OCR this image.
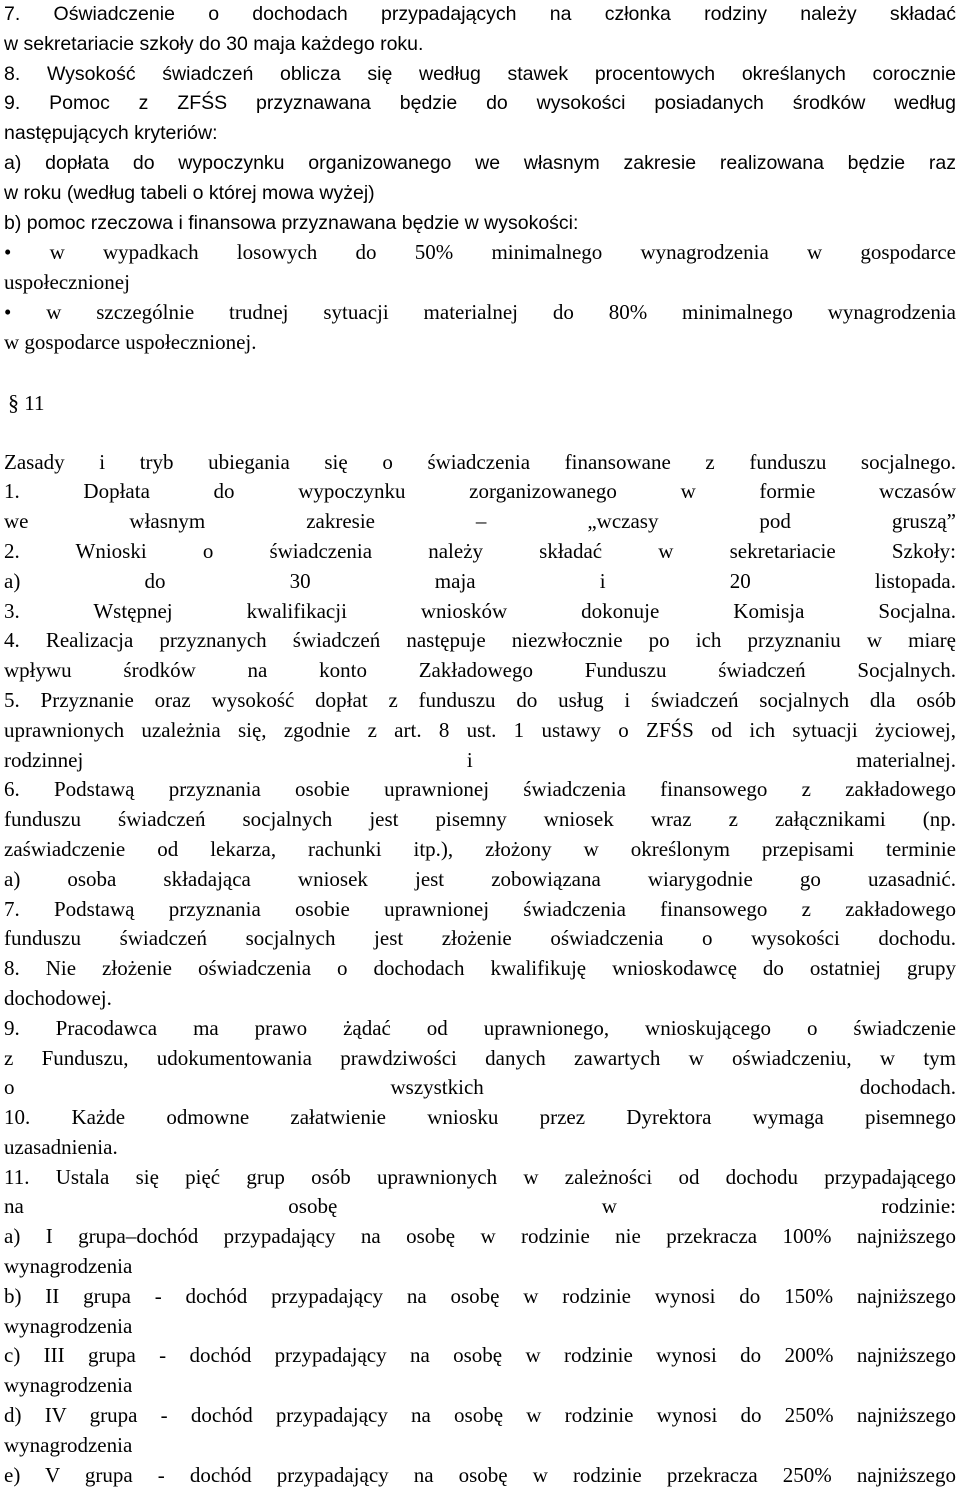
7. Oświadczenie o dochodach przypadających na członka rodziny należy składać
w sekretariacie szkoły do 30 maja każdego roku.
8. Wysokość świadczeń oblicza się według stawek procentowych określanych corocznie
9. Pomoc z ZFŚS przyznawana będzie do wysokości posiadanych środków według
następujących kryteriów:
a) dopłata do wypoczynku organizowanego we własnym zakresie realizowana będzie raz
w roku (według tabeli o której mowa wyżej)
b) pomoc rzeczowa i finansowa przyznawana będzie w wysokości:
• w wypadkach losowych do 50% minimalnego wynagrodzenia w gospodarce
uspołecznionej
• w szczególnie trudnej sytuacji materialnej do 80% minimalnego wynagrodzenia
w gospodarce uspołecznionej.
§ 11
Zasady i tryb ubiegania się o świadczenia finansowane z funduszu socjalnego.
1. Dopłata do wypoczynku zorganizowanego w formie wczasów
we własnym zakresie – „wczasy pod gruszą”
2. Wnioski o świadczenia należy składać w sekretariacie Szkoły:
a) do 30 maja i 20 listopada.
3. Wstępnej kwalifikacji wniosków dokonuje Komisja Socjalna.
4. Realizacja przyznanych świadczeń następuje niezwłocznie po ich przyznaniu w miarę
wpływu środków na konto Zakładowego Funduszu świadczeń Socjalnych.
5. Przyznanie oraz wysokość dopłat z funduszu do usług i świadczeń socjalnych dla osób
uprawnionych uzależnia się, zgodnie z art. 8 ust. 1 ustawy o ZFŚS od ich sytuacji życiowej,
rodzinnej i materialnej.
6. Podstawą przyznania osobie uprawnionej świadczenia finansowego z zakładowego
funduszu świadczeń socjalnych jest pisemny wniosek wraz z załącznikami (np.
zaświadczenie od lekarza, rachunki itp.), złożony w określonym przepisami terminie
a) osoba składająca wniosek jest zobowiązana wiarygodnie go uzasadnić.
7. Podstawą przyznania osobie uprawnionej świadczenia finansowego z zakładowego
funduszu świadczeń socjalnych jest złożenie oświadczenia o wysokości dochodu.
8. Nie złożenie oświadczenia o dochodach kwalifikuję wnioskodawcę do ostatniej grupy
dochodowej.
9. Pracodawca ma prawo żądać od uprawnionego, wnioskującego o świadczenie
z Funduszu, udokumentowania prawdziwości danych zawartych w oświadczeniu, w tym
o wszystkich dochodach.
10. Każde odmowne załatwienie wniosku przez Dyrektora wymaga pisemnego
uzasadnienia.
11. Ustala się pięć grup osób uprawnionych w zależności od dochodu przypadającego
na osobę w rodzinie:
a) I grupa–dochód przypadający na osobę w rodzinie nie przekracza 100% najniższego
wynagrodzenia
b) II grupa - dochód przypadający na osobę w rodzinie wynosi do 150% najniższego
wynagrodzenia
c) III grupa - dochód przypadający na osobę w rodzinie wynosi do 200% najniższego
wynagrodzenia
d) IV grupa - dochód przypadający na osobę w rodzinie wynosi do 250% najniższego
wynagrodzenia
e) V grupa - dochód przypadający na osobę w rodzinie przekracza 250% najniższego
